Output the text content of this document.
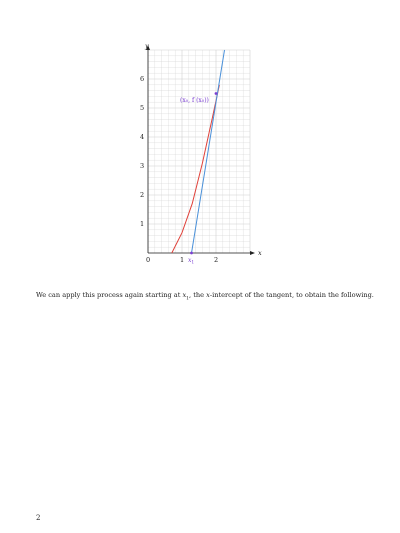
x
y
0	1	2
1
2
3
4
5
6
(x₀, f (x₀))
$x_1$

We can apply this process again starting at $x_1$, the x-intercept of the tangent, to obtain the following.

2
